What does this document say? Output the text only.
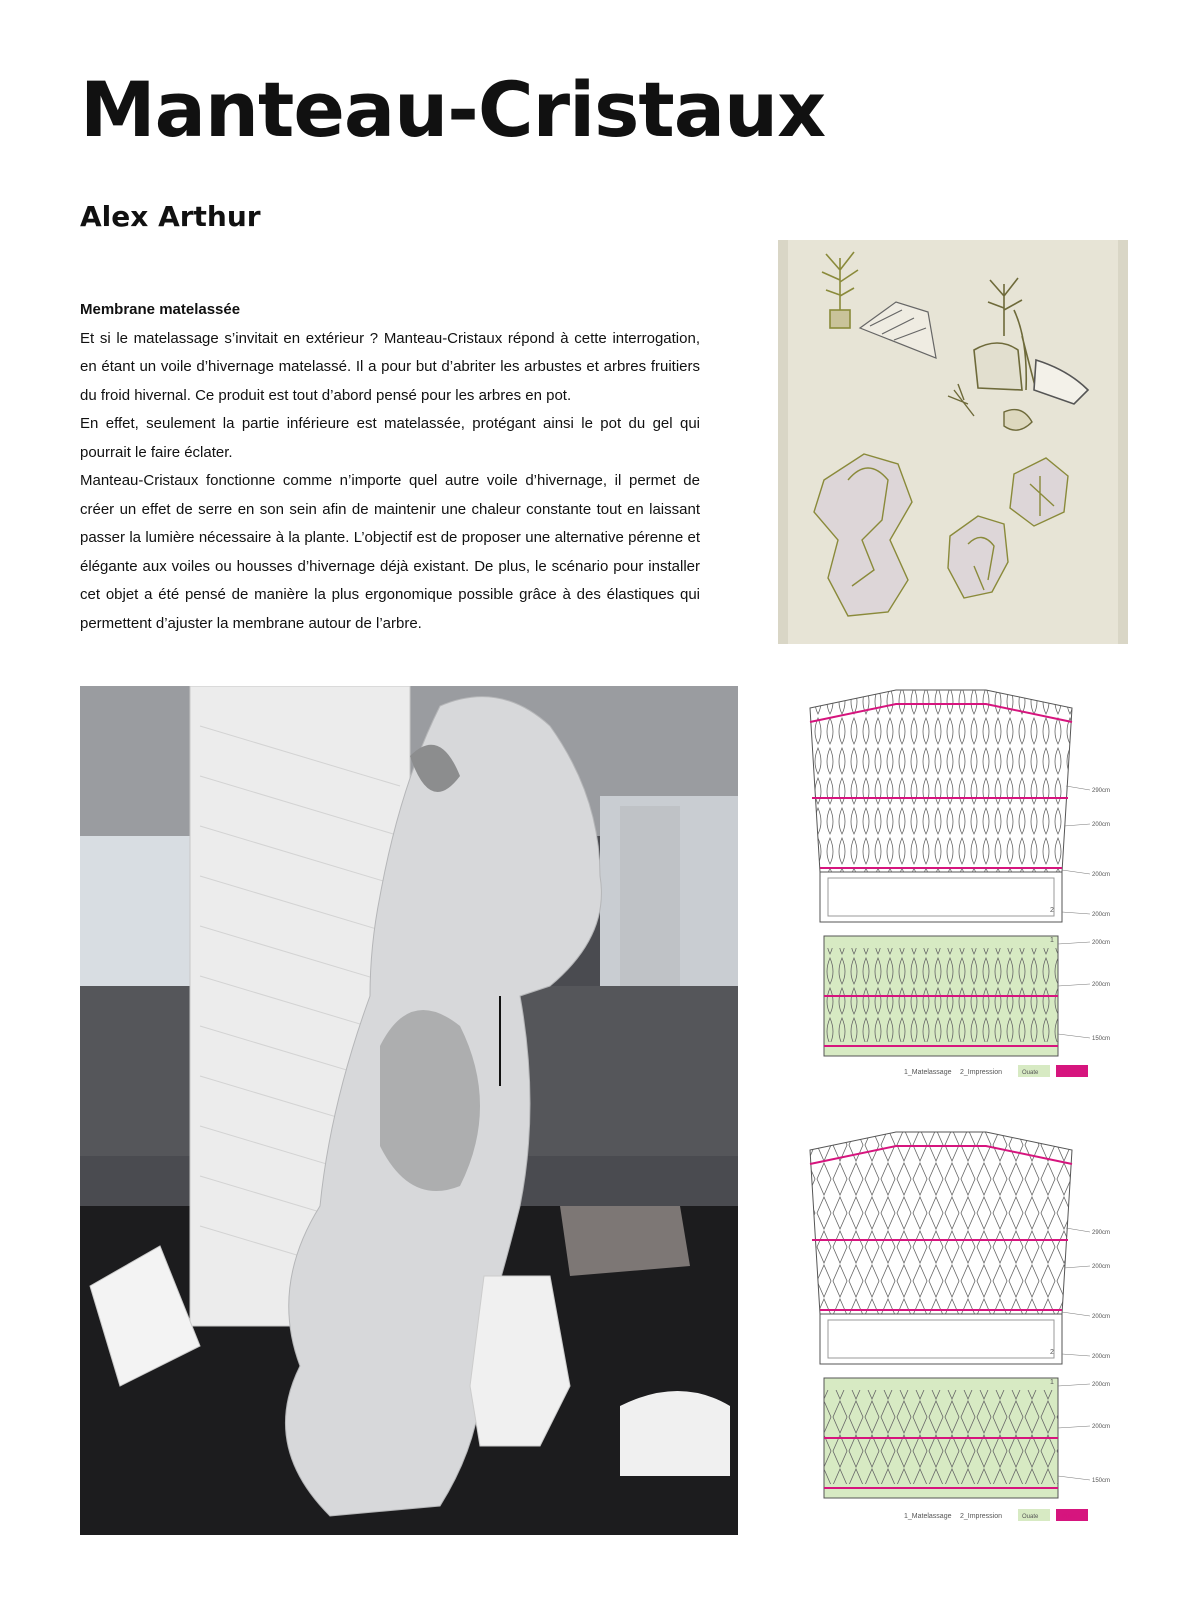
Manteau-Cristaux
Alex Arthur
Membrane matelassée

Et si le matelassage s’invitait en extérieur ? Manteau-Cristaux répond à cette interrogation, en étant un voile d’hivernage matelassé. Il a pour but d’abriter les arbustes et arbres fruitiers du froid hivernal. Ce produit est tout d’abord pensé pour les arbres en pot.

En effet, seulement la partie inférieure est matelassée, protégant ainsi le pot du gel qui pourrait le faire éclater.

Manteau-Cristaux fonctionne comme n’importe quel autre voile d’hivernage, il permet de créer un effet de serre en son sein afin de maintenir une chaleur constante tout en laissant passer la lumière nécessaire à la plante. L’objectif est de proposer une alternative pérenne et élégante aux voiles ou housses d’hivernage déjà existant. De plus, le scénario pour installer cet objet a été pensé de manière la plus ergonomique possible grâce à des élastiques qui permettent d’ajuster la membrane autour de l’arbre.

290cm
200cm
200cm
200cm
200cm
200cm
150cm
2
1
1_Matelassage 2_Impression	Ouate	Pince
290cm
200cm
200cm
200cm
200cm
200cm
150cm
2
1
1_Matelassage 2_Impression	Ouate	Pince
